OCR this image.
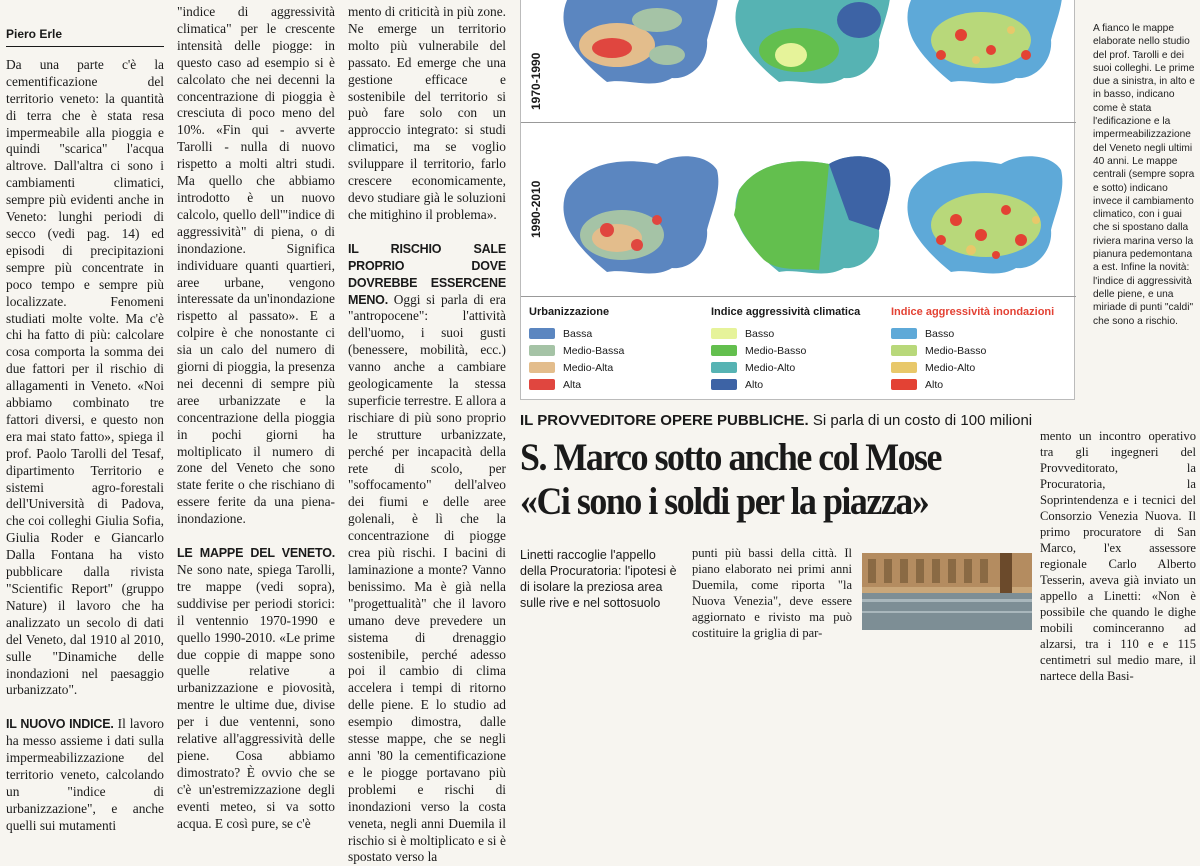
Piero Erle

Da una parte c'è la cementificazione del territorio veneto: la quantità di terra che è stata resa impermeabile alla pioggia e quindi "scarica" l'acqua altrove. Dall'altra ci sono i cambiamenti climatici, sempre più evidenti anche in Veneto: lunghi periodi di secco (vedi pag. 14) ed episodi di precipitazioni sempre più concentrate in poco tempo e sempre più localizzate. Fenomeni studiati molte volte. Ma c'è chi ha fatto di più: calcolare cosa comporta la somma dei due fattori per il rischio di allagamenti in Veneto. «Noi abbiamo combinato tre fattori diversi, e questo non era mai stato fatto», spiega il prof. Paolo Tarolli del Tesaf, dipartimento Territorio e sistemi agro-forestali dell'Università di Padova, che coi colleghi Giulia Sofia, Giulia Roder e Giancarlo Dalla Fontana ha visto pubblicare dalla rivista "Scientific Report" (gruppo Nature) il lavoro che ha analizzato un secolo di dati del Veneto, dal 1910 al 2010, sulle "Dinamiche delle inondazioni nel paesaggio urbanizzato".

IL NUOVO INDICE. Il lavoro ha messo assieme i dati sulla impermeabilizzazione del territorio veneto, calcolando un "indice di urbanizzazione", e anche quelli sui mutamenti

"indice di aggressività climatica" per le crescente intensità delle piogge: in questo caso ad esempio si è calcolato che nei decenni la concentrazione di pioggia è cresciuta di poco meno del 10%. «Fin qui - avverte Tarolli - nulla di nuovo rispetto a molti altri studi. Ma quello che abbiamo introdotto è un nuovo calcolo, quello dell'"indice di aggressività" di piena, o di inondazione. Significa individuare quanti quartieri, aree urbane, vengono interessate da un'inondazione rispetto al passato». E a colpire è che nonostante ci sia un calo del numero di giorni di pioggia, la presenza nei decenni di sempre più aree urbanizzate e la concentrazione della pioggia in pochi giorni ha moltiplicato il numero di zone del Veneto che sono state ferite o che rischiano di essere ferite da una piena-inondazione.

LE MAPPE DEL VENETO. Ne sono nate, spiega Tarolli, tre mappe (vedi sopra), suddivise per periodi storici: il ventennio 1970-1990 e quello 1990-2010. «Le prime due coppie di mappe sono quelle relative a urbanizzazione e piovosità, mentre le ultime due, divise per i due ventenni, sono relative all'aggressività delle piene. Cosa abbiamo dimostrato? È ovvio che se c'è un'estremizzazione degli eventi meteo, si va sotto acqua. E così pure, se c'è

mento di criticità in più zone. Ne emerge un territorio molto più vulnerabile del passato. Ed emerge che una gestione efficace e sostenibile del territorio si può fare solo con un approccio integrato: si studi climatici, ma se voglio sviluppare il territorio, farlo crescere economicamente, devo studiare già le soluzioni che mitighino il problema».

IL RISCHIO SALE PROPRIO DOVE DOVREBBE ESSERCENE MENO. Oggi si parla di era "antropocene": l'attività dell'uomo, i suoi gusti (benessere, mobilità, ecc.) vanno anche a cambiare geologicamente la stessa superficie terrestre. E allora a rischiare di più sono proprio le strutture urbanizzate, perché per incapacità della rete di scolo, per "soffocamento" dell'alveo dei fiumi e delle aree golenali, è lì che la concentrazione di piogge crea più rischi. I bacini di laminazione a monte? Vanno benissimo. Ma è già nella "progettualità" che il lavoro umano deve prevedere un sistema di drenaggio sostenibile, perché adesso poi il cambio di clima accelera i tempi di ritorno delle piene. E lo studio ad esempio dimostra, dalle stesse mappe, che se negli anni '80 la cementificazione e le piogge portavano più problemi e rischi di inondazioni verso la costa veneta, negli anni Duemila il rischio si è moltiplicato e si è spostato verso la

1970-1990
1990-2010
Urbanizzazione
Bassa
Medio-Bassa
Medio-Alta
Alta
Indice aggressività climatica
Basso
Medio-Basso
Medio-Alto
Alto
Indice aggressività inondazioni
Basso
Medio-Basso
Medio-Alto
Alto
A fianco le mappe elaborate nello studio del prof. Tarolli e dei suoi colleghi. Le prime due a sinistra, in alto e in basso, indicano come è stata l'edificazione e la impermeabilizzazione del Veneto negli ultimi 40 anni. Le mappe centrali (sempre sopra e sotto) indicano invece il cambiamento climatico, con i guai che si spostano dalla riviera marina verso la pianura pedemontana a est. Infine la novità: l'indice di aggressività delle piene, e una miriade di punti "caldi" che sono a rischio.
IL PROVVEDITORE OPERE PUBBLICHE. Si parla di un costo di 100 milioni
S. Marco sotto anche col Mose
«Ci sono i soldi per la piazza»
Linetti raccoglie l'appello della Procuratoria: l'ipotesi è di isolare la preziosa area sulle rive e nel sottosuolo
punti più bassi della città. Il piano elaborato nei primi anni Duemila, come riporta "la Nuova Venezia", deve essere aggiornato e rivisto ma può costituire la griglia di par-
mento un incontro operativo tra gli ingegneri del Provveditorato, la Procuratoria, la Soprintendenza e i tecnici del Consorzio Venezia Nuova. Il primo procuratore di San Marco, l'ex assessore regionale Carlo Alberto Tesserin, aveva già inviato un appello a Linetti: «Non è possibile che quando le dighe mobili cominceranno ad alzarsi, tra i 110 e e 115 centimetri sul medio mare, il nartece della Basi-
